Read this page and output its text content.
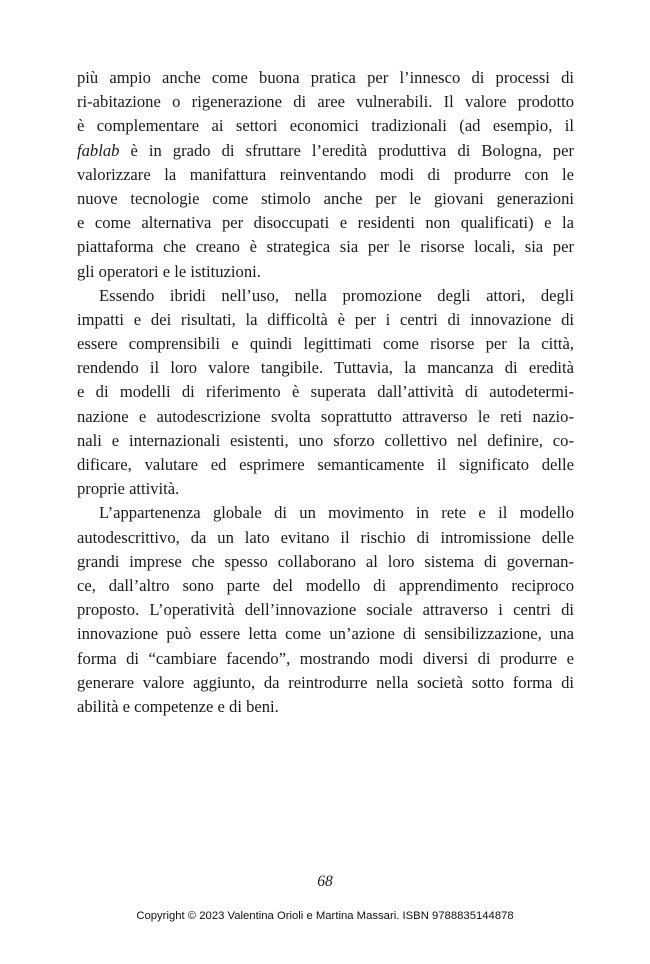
più ampio anche come buona pratica per l’innesco di processi di
ri-abitazione o rigenerazione di aree vulnerabili. Il valore prodotto
è complementare ai settori economici tradizionali (ad esempio, il
fablab è in grado di sfruttare l’eredità produttiva di Bologna, per
valorizzare la manifattura reinventando modi di produrre con le
nuove tecnologie come stimolo anche per le giovani generazioni
e come alternativa per disoccupati e residenti non qualificati) e la
piattaforma che creano è strategica sia per le risorse locali, sia per
gli operatori e le istituzioni.
Essendo ibridi nell’uso, nella promozione degli attori, degli
impatti e dei risultati, la difficoltà è per i centri di innovazione di
essere comprensibili e quindi legittimati come risorse per la città,
rendendo il loro valore tangibile. Tuttavia, la mancanza di eredità
e di modelli di riferimento è superata dall’attività di autodetermi-
nazione e autodescrizione svolta soprattutto attraverso le reti nazio-
nali e internazionali esistenti, uno sforzo collettivo nel definire, co-
dificare, valutare ed esprimere semanticamente il significato delle
proprie attività.
L’appartenenza globale di un movimento in rete e il modello
autodescrittivo, da un lato evitano il rischio di intromissione delle
grandi imprese che spesso collaborano al loro sistema di governan-
ce, dall’altro sono parte del modello di apprendimento reciproco
proposto. L’operatività dell’innovazione sociale attraverso i centri di
innovazione può essere letta come un’azione di sensibilizzazione, una
forma di “cambiare facendo”, mostrando modi diversi di produrre e
generare valore aggiunto, da reintrodurre nella società sotto forma di
abilità e competenze e di beni.
68
Copyright © 2023 Valentina Orioli e Martina Massari. ISBN 9788835144878
